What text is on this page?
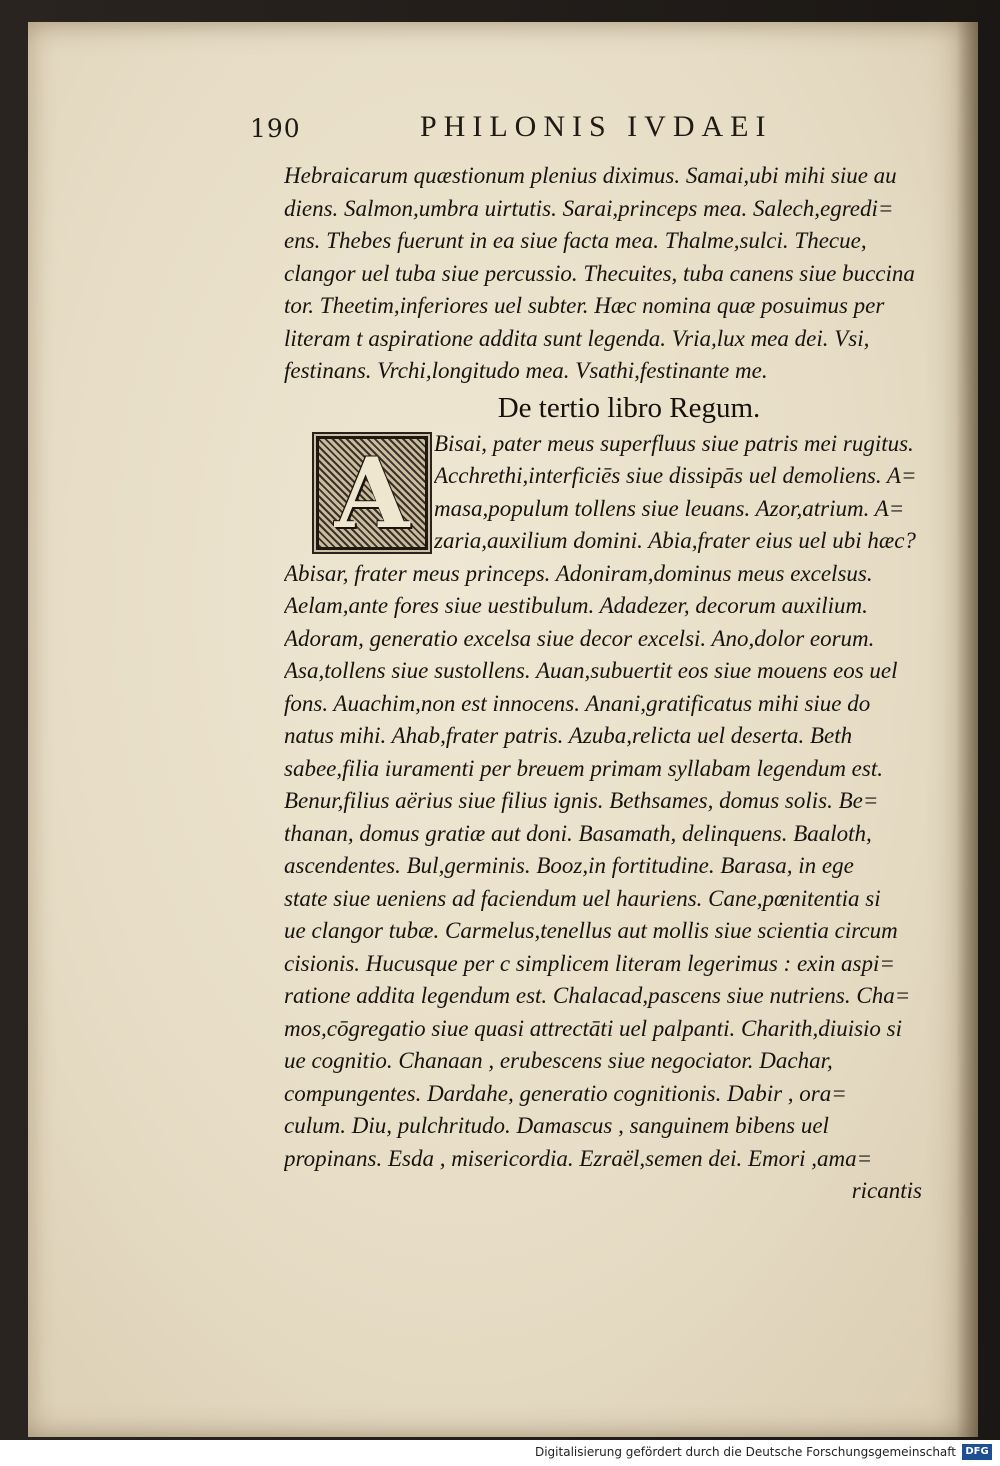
190	PHILONIS IVDAEI
Hebraicarum quæstionum plenius diximus. Samai,ubi mihi siue au
diens. Salmon,umbra uirtutis. Sarai,princeps mea. Salech,egredi=
ens. Thebes fuerunt in ea siue facta mea. Thalme,sulci. Thecue,
clangor uel tuba siue percussio. Thecuites, tuba canens siue buccina
tor. Theetim,inferiores uel subter. Hæc nomina quæ posuimus per
literam t aspiratione addita sunt legenda. Vria,lux mea dei. Vsi,
festinans. Vrchi,longitudo mea. Vsathi,festinante me.
De tertio libro Regum.
A	Bisai, pater meus superfluus siue patris mei rugitus.
Acchrethi,interficiēs siue dissipās uel demoliens. A=
masa,populum tollens siue leuans. Azor,atrium. A=
zaria,auxilium domini. Abia,frater eius uel ubi hæc?
Abisar, frater meus princeps. Adoniram,dominus meus excelsus.
Aelam,ante fores siue uestibulum. Adadezer, decorum auxilium.
Adoram, generatio excelsa siue decor excelsi. Ano,dolor eorum.
Asa,tollens siue sustollens. Auan,subuertit eos siue mouens eos uel
fons. Auachim,non est innocens. Anani,gratificatus mihi siue do
natus mihi. Ahab,frater patris. Azuba,relicta uel deserta. Beth
sabee,filia iuramenti per breuem primam syllabam legendum est.
Benur,filius aërius siue filius ignis. Bethsames, domus solis. Be=
thanan, domus gratiæ aut doni. Basamath, delinquens. Baaloth,
ascendentes. Bul,germinis. Booz,in fortitudine. Barasa, in ege
state siue ueniens ad faciendum uel hauriens. Cane,pœnitentia si
ue clangor tubæ. Carmelus,tenellus aut mollis siue scientia circum
cisionis. Hucusque per c simplicem literam legerimus : exin aspi=
ratione addita legendum est. Chalacad,pascens siue nutriens. Cha=
mos,cōgregatio siue quasi attrectāti uel palpanti. Charith,diuisio si
ue cognitio. Chanaan , erubescens siue negociator. Dachar,
compungentes. Dardahe, generatio cognitionis. Dabir , ora=
culum. Diu, pulchritudo. Damascus , sanguinem bibens uel
propinans. Esda , misericordia. Ezraël,semen dei. Emori ,ama=
ricantis
Digitalisierung gefördert durch die Deutsche Forschungsgemeinschaft DFG
